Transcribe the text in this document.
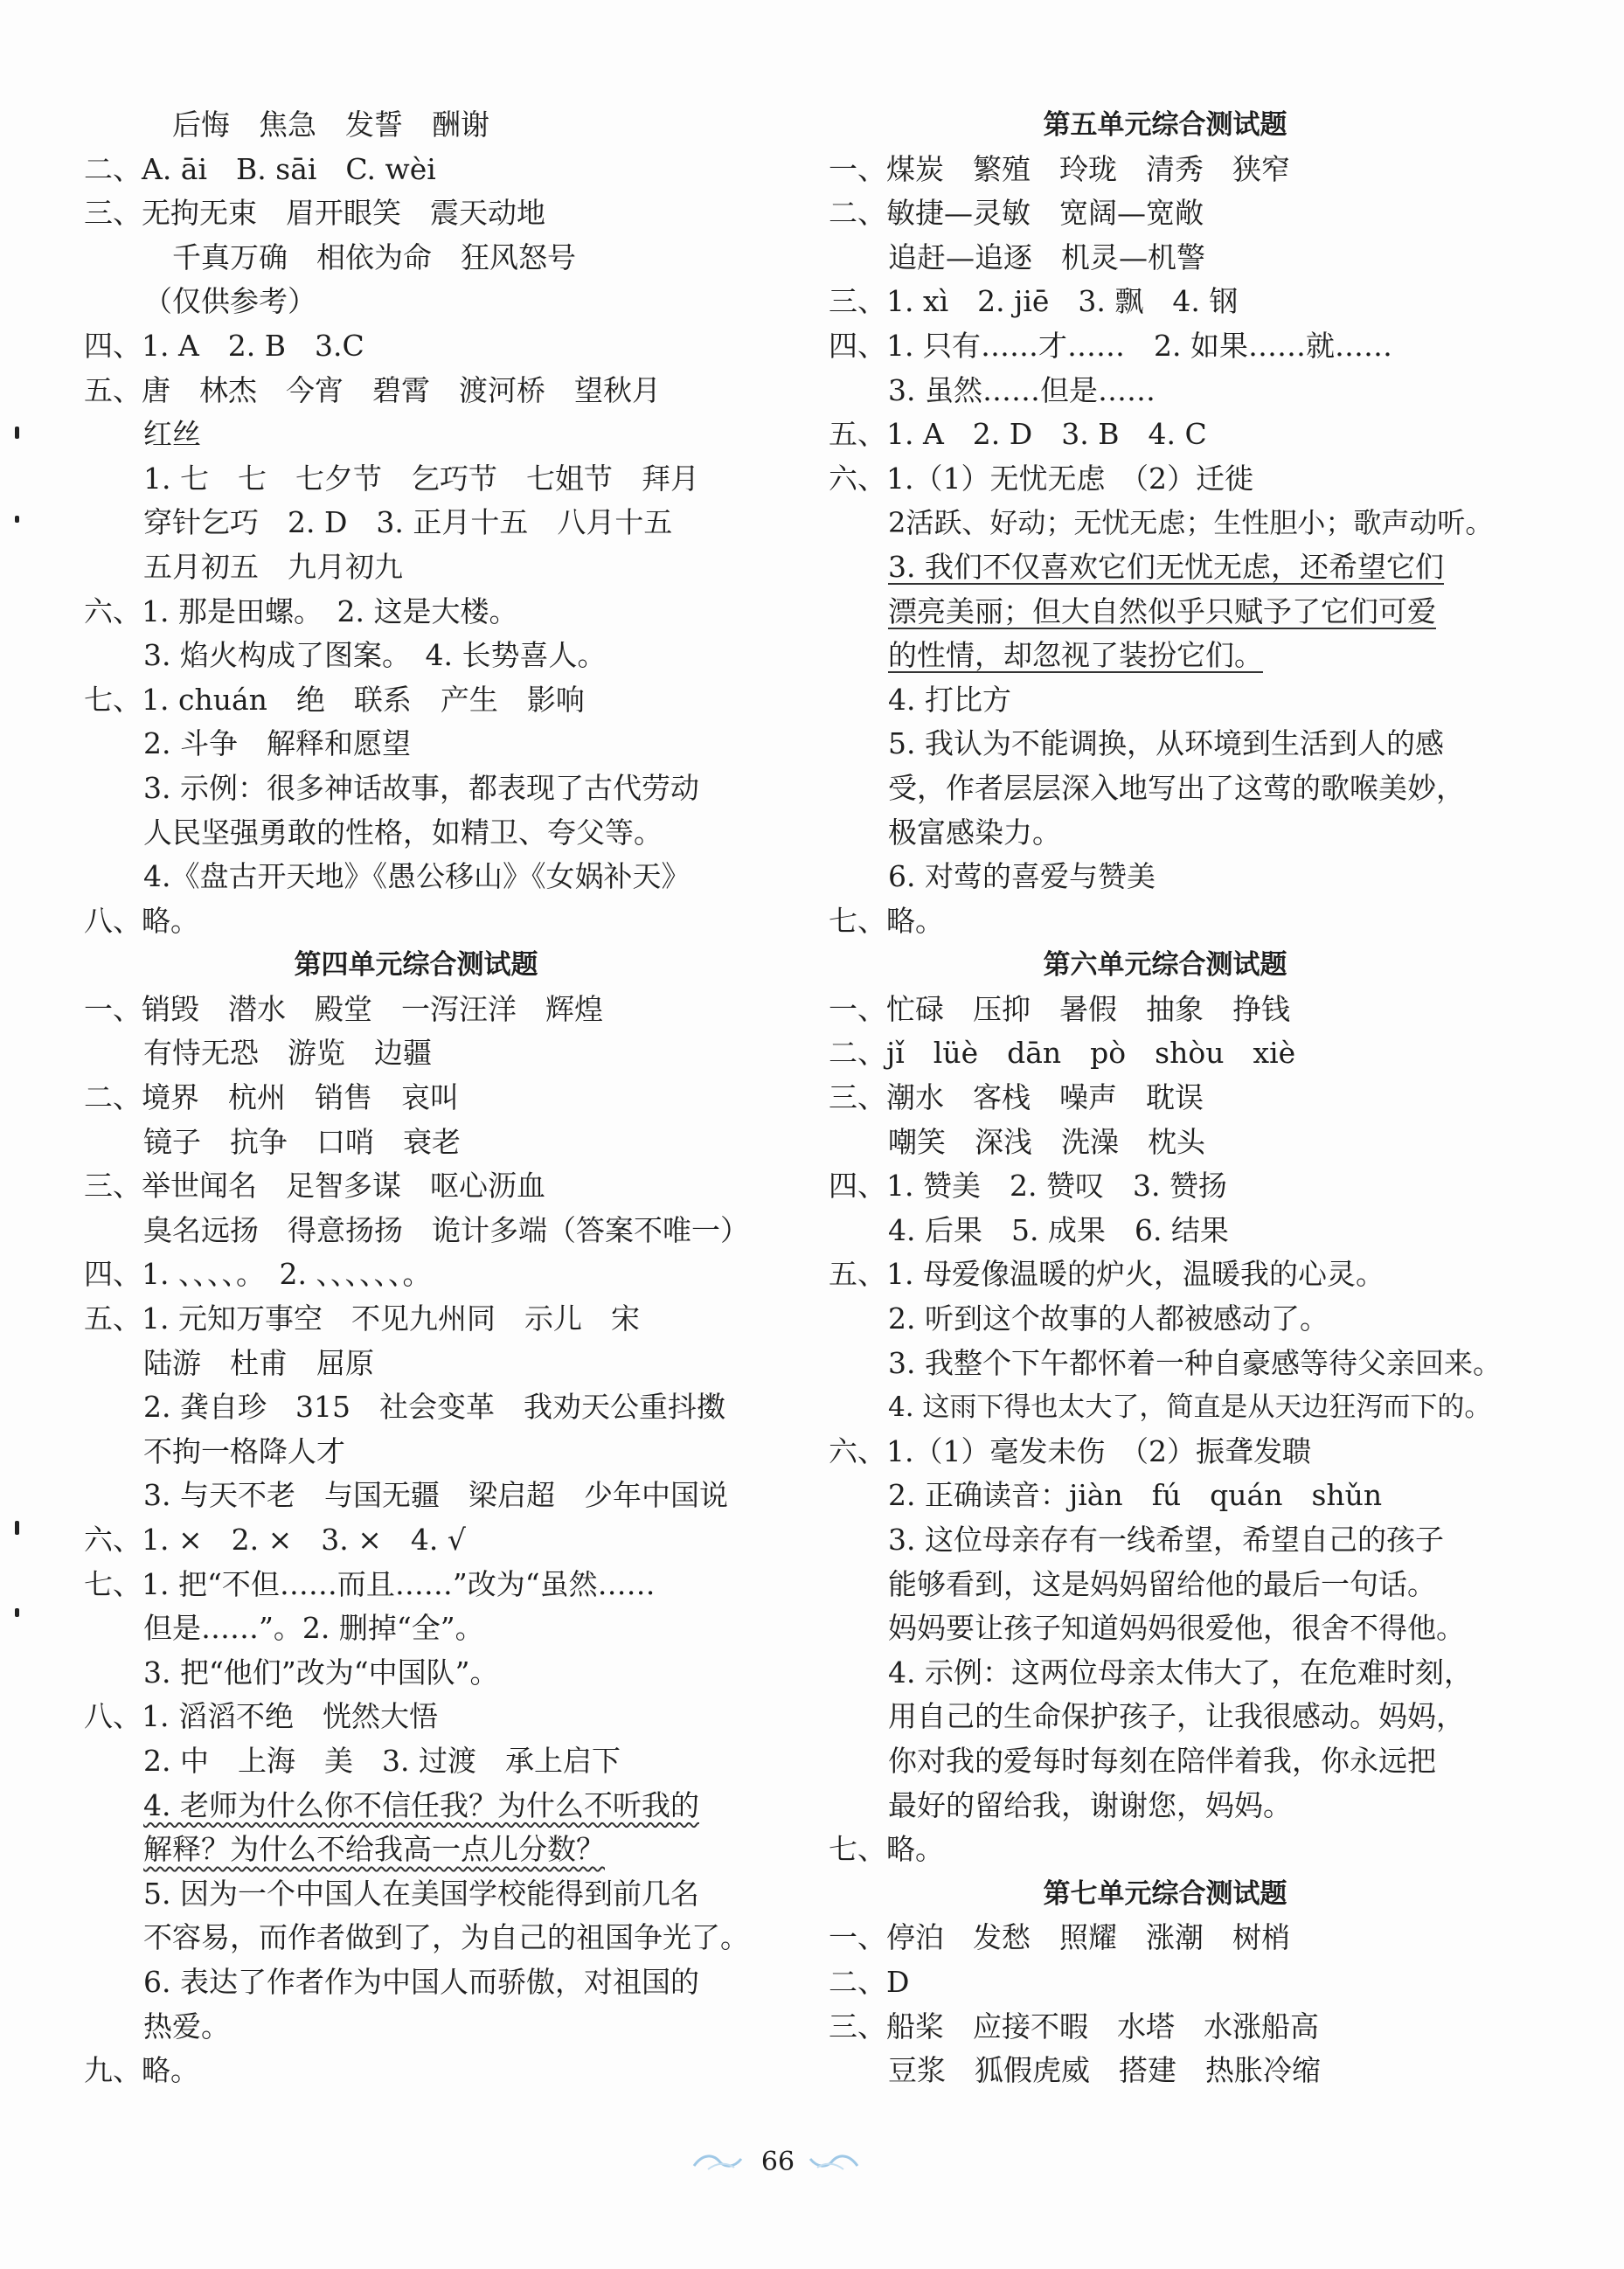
　后悔　焦急　发誓　酬谢
二、A. āi　B. sāi　C. wèi
三、无拘无束　眉开眼笑　震天动地
　千真万确　相依为命　狂风怒号
（仅供参考）
四、1. A　2. B　3.C
五、唐　林杰　今宵　碧霄　渡河桥　望秋月
红丝
1. 七　七　七夕节　乞巧节　七姐节　拜月
穿针乞巧　2. D　3. 正月十五　八月十五
五月初五　九月初九
六、1. 那是田螺。　2. 这是大楼。
3. 焰火构成了图案。　4. 长势喜人。
七、1. chuán　绝　联系　产生　影响
2. 斗争　解释和愿望
3. 示例：很多神话故事，都表现了古代劳动
人民坚强勇敢的性格，如精卫、夸父等。
4.《盘古开天地》《愚公移山》《女娲补天》
八、略。
第四单元综合测试题
一、销毁　潜水　殿堂　一泻汪洋　辉煌
有恃无恐　游览　边疆
二、境界　杭州　销售　哀叫
镜子　抗争　口哨　衰老
三、举世闻名　足智多谋　呕心沥血
臭名远扬　得意扬扬　诡计多端（答案不唯一）
四、1. 、、、、。　2. 、、、、、、。
五、1. 元知万事空　不见九州同　示儿　宋
陆游　杜甫　屈原
2. 龚自珍　315　社会变革　我劝天公重抖擞
不拘一格降人才
3. 与天不老　与国无疆　梁启超　少年中国说
六、1. ×　2. ×　3. ×　4. √
七、1. 把“不但……而且……”改为“虽然……
但是……”。2. 删掉“全”。
3. 把“他们”改为“中国队”。
八、1. 滔滔不绝　恍然大悟
2. 中　上海　美　3. 过渡　承上启下
4. 老师为什么你不信任我？为什么不听我的
解释？为什么不给我高一点儿分数？
5. 因为一个中国人在美国学校能得到前几名
不容易，而作者做到了，为自己的祖国争光了。
6. 表达了作者作为中国人而骄傲，对祖国的
热爱。
九、略。
第五单元综合测试题
一、煤炭　繁殖　玲珑　清秀　狭窄
二、敏捷—灵敏　宽阔—宽敞
追赶—追逐　机灵—机警
三、1. xì　2. jiē　3. 飘　4. 钢
四、1. 只有……才……　2. 如果……就……
3. 虽然……但是……
五、1. A　2. D　3. B　4. C
六、1.（1）无忧无虑　（2）迁徙
2活跃、好动；无忧无虑；生性胆小；歌声动听。
3. 我们不仅喜欢它们无忧无虑，还希望它们
漂亮美丽；但大自然似乎只赋予了它们可爱
的性情，却忽视了装扮它们。
4. 打比方
5. 我认为不能调换，从环境到生活到人的感
受，作者层层深入地写出了这莺的歌喉美妙，
极富感染力。
6. 对莺的喜爱与赞美
七、略。
第六单元综合测试题
一、忙碌　压抑　暑假　抽象　挣钱
二、jǐ　lüè　dān　pò　shòu　xiè
三、潮水　客栈　噪声　耽误
嘲笑　深浅　洗澡　枕头
四、1. 赞美　2. 赞叹　3. 赞扬
4. 后果　5. 成果　6. 结果
五、1. 母爱像温暖的炉火，温暖我的心灵。
2. 听到这个故事的人都被感动了。
3. 我整个下午都怀着一种自豪感等待父亲回来。
4. 这雨下得也太大了，简直是从天边狂泻而下的。
六、1.（1）毫发未伤　（2）振聋发聩
2. 正确读音：jiàn　fú　quán　shǔn
3. 这位母亲存有一线希望，希望自己的孩子
能够看到，这是妈妈留给他的最后一句话。
妈妈要让孩子知道妈妈很爱他，很舍不得他。
4. 示例：这两位母亲太伟大了，在危难时刻，
用自己的生命保护孩子，让我很感动。妈妈，
你对我的爱每时每刻在陪伴着我，你永远把
最好的留给我，谢谢您，妈妈。
七、略。
第七单元综合测试题
一、停泊　发愁　照耀　涨潮　树梢
二、D
三、船桨　应接不暇　水塔　水涨船高
豆浆　狐假虎威　搭建　热胀冷缩
66
